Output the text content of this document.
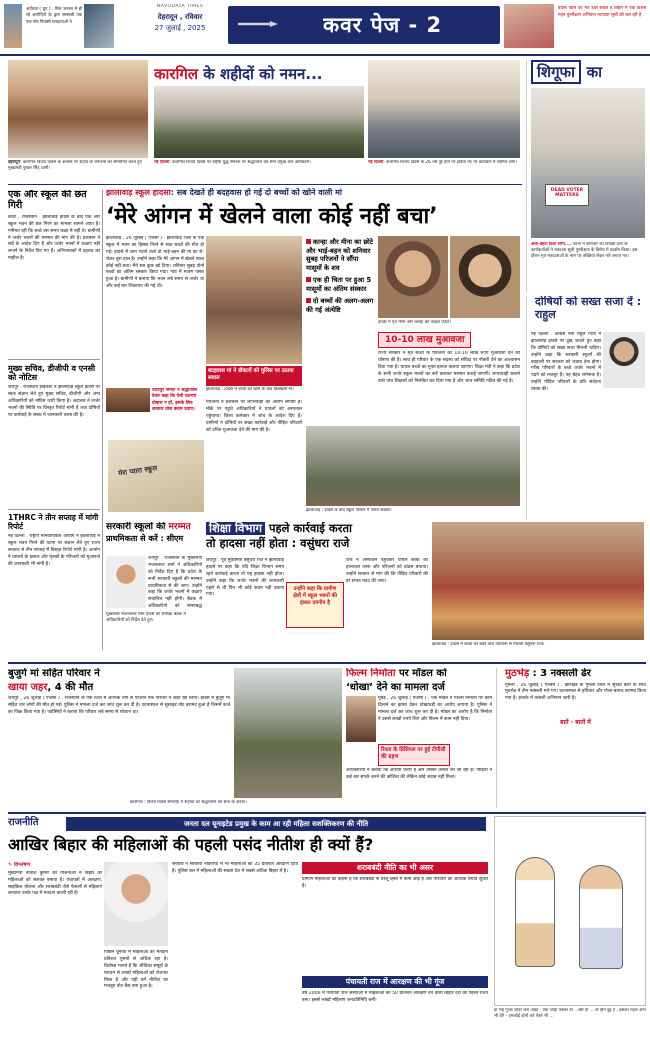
अयोध्या ( ग्रुप ) . मिल जनरल में हो रहे आरोपितों के द्वारा सरस्वती तक एक गांव निवासी मतदाताओं ने
NAVODAYA TIMES
देहरादून , रविवार
27 जुलाई , 2025	कवर पेज - 2
वोटर्स पहले का मत डाल सकते हैं बिहार में एक विशेष गहन पुनरीक्षण अभियान मतदाता सूची की चल रही है
कारगिल के शहीदों को नमन...
देहरादून: कारगिल विजय दिवस के अवसर पर शहीद के परिजनों को सम्मानित करते हुए मुख्यमंत्री पुष्कर सिंह धामी।
नई दिल्ली: कारगिल विजय दिवस पर राष्ट्रीय युद्ध स्मारक पर श्रद्धांजलि देते सेना प्रमुख और अधिकारी।	नई दिल्ली: कारगिल विजय दिवस के 26 वर्ष पूरे होने पर इंडिया गेट पर कार्यक्रम में शामिल लोग।
शिगूफा का
DEAD VOTER MATTERS
अंधा-बहरा दिला सरेंग.... पटना में शनिवार को विपक्षी दलों के कार्यकर्ताओं ने मतदाता सूची पुनरीक्षण के विरोध में प्रदर्शन किया। इस दौरान मृत मतदाताओं के नाम पर तख्तियां लेकर नारे लगाए गए।
एक और स्कूल की छत गिरी
कोटा , राजस्थान . झालावाड़ हादसे के बाद एक और स्कूल भवन की छत गिरने का मामला सामने आया है। गनीमत रही कि बच्चे उस समय कक्षा में नहीं थे। ग्रामीणों ने जर्जर भवनों की मरम्मत की मांग की है। प्रशासन ने सर्वे के आदेश दिए हैं और जर्जर भवनों में कक्षाएं नहीं लगाने के निर्देश दिए गए हैं। अभिभावकों में दहशत का माहौल है।
मुख्य सचिव, डीजीपी व एनसी को नोटिस
जयपुर . राजस्थान हाईकोर्ट ने झालावाड़ स्कूल हादसे पर स्वतः संज्ञान लेते हुए मुख्य सचिव, डीजीपी और अन्य अधिकारियों को नोटिस जारी किया है। अदालत ने जर्जर भवनों की स्थिति पर विस्तृत रिपोर्ट मांगी है तथा दोषियों पर कार्रवाई के संबंध में जानकारी तलब की है।
1THRC ने तीन सप्ताह में मांगी रिपोर्ट
नई दिल्ली . राष्ट्रीय मानवाधिकार आयोग ने झालावाड़ में स्कूल भवन गिरने की घटना पर संज्ञान लेते हुए राज्य सरकार से तीन सप्ताह में विस्तृत रिपोर्ट मांगी है। आयोग ने घायलों के इलाज और मृतकों के परिजनों को मुआवजे की जानकारी भी मांगी है।
झालावाड़ स्कूल हादसा: सब देखते ही बदहवास हो गई दो बच्चों को खोने वाली मां
‘मेरे आंगन में खेलने वाला कोई नहीं बचा’
झालावाड़ , 26 जुलाई ( एजेंसी ) . झालावाड़ जिले के एक स्कूल में भवन का हिस्सा गिरने से सात बच्चों की मौत हो गई। हादसे में जान गंवाने वाले दो भाई-बहन की मां का रो-रोकर बुरा हाल है। उन्होंने कहा कि मेरे आंगन में खेलने वाला कोई नहीं बचा। मैंने सब कुछ खो दिया। शनिवार सुबह दोनों बच्चों का अंतिम संस्कार किया गया। गांव में मातम पसरा हुआ है। ग्रामीणों ने बताया कि भवन लंबे समय से जर्जर था और कई बार शिकायत की गई थी।
बदहवास मां ने डॉक्टरों को पुलिस पर उठाया सवाल
झालावाड़ : हादसे में बच्चों को खोने के बाद बिलखती मां।
कान्हा और मीना का छोटे और भाई-बहन को शनिवार सुबह परिजनों ने सौंपा मासूमों के शव
एक ही चिता पर हुआ 5 मासूमों का अंतिम संस्कार
दो बच्चों की अलग-अलग की गई अंत्येष्टि
हादसे में मृत मीना और कान्हा की फाइल फोटो।
10-10 लाख मुआवजा
राज्य सरकार ने मृत बच्चों के परिजनों को 10-10 लाख रुपये मुआवजा देने की घोषणा की है। साथ ही परिवार के एक सदस्य को संविदा पर नौकरी देने का आश्वासन दिया गया है। घायल बच्चों का मुफ्त इलाज कराया जाएगा। शिक्षा मंत्री ने कहा कि प्रदेश के सभी जर्जर स्कूल भवनों का सर्वे कराकर मरम्मत कराई जाएगी। लापरवाही बरतने वाले पांच शिक्षकों को निलंबित कर दिया गया है और जांच समिति गठित की गई है।
उदयपुर जनता ने श्रद्धांजलि देकर कहा कि ऐसी घटनाएं दोबारा न हों, इसके लिए सरकार ठोस कदम उठाए।
परिजनों ने प्रशासन पर लापरवाही का आरोप लगाया है। मौके पर पहुंचे अधिकारियों ने घायलों को अस्पताल पहुंचाया। जिला कलेक्टर ने जांच के आदेश दिए हैं। ग्रामीणों ने दोषियों पर सख्त कार्रवाई और पीड़ित परिवारों को उचित मुआवजा देने की मांग की है।
मेरा प्यारा स्कूल
झालावाड़ : हादसे के बाद स्कूल परिसर में पसरा सन्नाटा।
दोषियों को सख्त सजा दें : राहुल
नई दिल्ली . कांग्रेस नेता राहुल गांधी ने झालावाड़ हादसे पर दुख जताते हुए कहा कि दोषियों को सख्त सजा मिलनी चाहिए। उन्होंने कहा कि सरकारी स्कूलों की बदहाली पर सरकार को जवाब देना होगा। गरीब परिवारों के बच्चे जर्जर भवनों में पढ़ने को मजबूर हैं। यह बेहद शर्मनाक है। उन्होंने पीड़ित परिवारों के प्रति संवेदना व्यक्त की।
सरकारी स्कूलों की मरम्मत
प्राथमिकता से करें : सीएम
जयपुर . राजस्थान के मुख्यमंत्री भजनलाल शर्मा ने अधिकारियों को निर्देश दिए हैं कि प्रदेश के सभी सरकारी स्कूलों की मरम्मत प्राथमिकता से की जाए। उन्होंने कहा कि जर्जर भवनों में कक्षाएं संचालित नहीं होंगी। बैठक में अधिकारियों को समयबद्ध
मुख्यमंत्री भजनलाल शर्मा हादसे की समीक्षा बैठक में अधिकारियों को निर्देश देते हुए।
शिक्षा विभाग पहले कार्रवाई करता
तो हादसा नहीं होता : वसुंधरा राजे
जयपुर . पूर्व मुख्यमंत्री वसुंधरा राजे ने झालावाड़ हादसे पर कहा कि यदि शिक्षा विभाग समय रहते कार्रवाई करता तो यह हादसा नहीं होता। उन्होंने कहा कि जर्जर भवनों की जानकारी पहले से थी फिर भी कोई कदम नहीं उठाया गया।
उन्होंने कहा कि ग्रामीण क्षेत्रों में स्कूल भवनों की हालत दयनीय है
राजे ने अस्पताल पहुंचकर घायल बच्चों का हालचाल जाना और परिजनों को ढांढस बंधाया। उन्होंने सरकार से मांग की कि पीड़ित परिवारों की हर संभव मदद की जाए।
झालावाड़ : हादसे में बच्चों को खोने वाले परिजनों से मिलती वसुंधरा राजे।
बुजुर्ग मां सहित परिवार ने
खाया जहर, 4 की मौत
जयपुर , 26 जुलाई ( एजेंसी ) . राजस्थान के एक जिले में आर्थिक तंगी से परेशान एक परिवार ने जहर खा लिया। हादसे में बुजुर्ग मां सहित चार लोगों की मौत हो गई। पुलिस ने मामला दर्ज कर जांच शुरू कर दी है। घटनास्थल से सुसाइड नोट बरामद हुआ है जिसमें कर्ज का जिक्र किया गया है। पड़ोसियों ने बताया कि परिवार लंबे समय से परेशान था।
कारगिल : विजय दिवस समारोह में शहीदों को श्रद्धांजलि देते सेना के जवान।
फिल्म निर्माता पर मॉडल को
‘धोखा’ देने का मामला दर्ज
मुंबई , 26 जुलाई ( एजेंसी ) . एक मॉडल ने फिल्म निर्माता पर काम दिलाने का झांसा देकर धोखाधड़ी का आरोप लगाया है। पुलिस ने मामला दर्ज कर जांच शुरू कर दी है। मॉडल का आरोप है कि निर्माता ने उससे लाखों रुपये लिए और फिल्म में काम नहीं दिया।
रिश्ता के प्रिंसिपल पर हुई टीपीसी की ग्रहण
अधिकारियों ने बताया कि आरोपी फरार है और उसकी तलाश की जा रही है। पीड़िता ने कई बार संपर्क करने की कोशिश की लेकिन कोई जवाब नहीं मिला।
मुठभेड़ : 3 नक्सली ढेर
गुमला , 26 जुलाई ( एजेंसी ) . झारखंड के गुमला जिले में सुरक्षा बलों के साथ मुठभेड़ में तीन नक्सली मारे गए। घटनास्थल से हथियार और गोला-बारूद बरामद किया गया है। इलाके में तलाशी अभियान जारी है।
बातें - बातों में
राजनीति	जनता दल यूनाइटेड प्रमुख के काम आ रही महिला सशक्तिकरण की नीति
आखिर बिहार की महिलाओं की पहली पसंद नीतीश ही क्यों हैं?
✎ विश्लेषण
मुख्यमंत्री नीतीश कुमार की योजनाओं ने बिहार की महिलाओं को सशक्त बनाया है। पंचायतों में आरक्षण, साइकिल योजना और शराबबंदी जैसे फैसलों से महिलाएं लगातार उनके पक्ष में मतदान करती रही हैं।
पिछले चुनावों में महिलाओं का मतदान प्रतिशत पुरुषों से अधिक रहा है। विशेषज्ञ मानते हैं कि जीविका समूहों के माध्यम से लाखों महिलाओं को रोजगार मिला है और यही वर्ग नीतीश का मजबूत वोट बैंक बना हुआ है।
सरकार ने सरकारी नौकरियों में भी महिलाओं को 35 प्रतिशत आरक्षण दिया है। पुलिस बल में महिलाओं की संख्या देश में सबसे अधिक बिहार में है।	शराबबंदी नीति का भी असर
ग्रामीण महिलाओं का कहना है कि शराबबंदी से घरेलू हिंसा में कमी आई है और परिवारों की आर्थिक स्थिति सुधरी है।
पंचायती राज में आरक्षण की भी गूंज
वर्ष 2006 में पंचायती राज संस्थाओं में महिलाओं को 50 प्रतिशत आरक्षण देने वाला बिहार देश का पहला राज्य बना। इससे लाखों महिलाएं जनप्रतिनिधि बनीं।
हां भई गुजर जोड़ी जरा जोड़ा - एक जोड़ा पक्का तो ...बस हो ... वो दीन दुई है , इसका पहल आप भी देंगे - हमकोई दोनों करे पेश्ते भी ...
